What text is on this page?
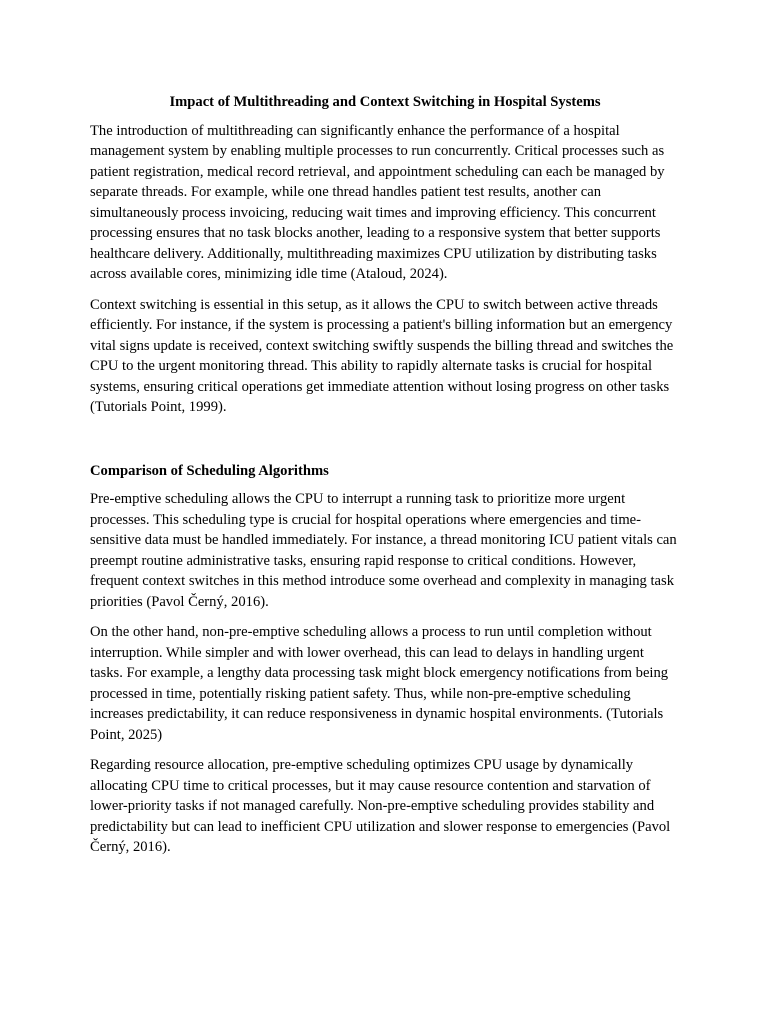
Impact of Multithreading and Context Switching in Hospital Systems

The introduction of multithreading can significantly enhance the performance of a hospital management system by enabling multiple processes to run concurrently. Critical processes such as patient registration, medical record retrieval, and appointment scheduling can each be managed by separate threads. For example, while one thread handles patient test results, another can simultaneously process invoicing, reducing wait times and improving efficiency. This concurrent processing ensures that no task blocks another, leading to a responsive system that better supports healthcare delivery. Additionally, multithreading maximizes CPU utilization by distributing tasks across available cores, minimizing idle time (Ataloud, 2024).

Context switching is essential in this setup, as it allows the CPU to switch between active threads efficiently. For instance, if the system is processing a patient's billing information but an emergency vital signs update is received, context switching swiftly suspends the billing thread and switches the CPU to the urgent monitoring thread. This ability to rapidly alternate tasks is crucial for hospital systems, ensuring critical operations get immediate attention without losing progress on other tasks (Tutorials Point, 1999).

Comparison of Scheduling Algorithms

Pre-emptive scheduling allows the CPU to interrupt a running task to prioritize more urgent processes. This scheduling type is crucial for hospital operations where emergencies and time-sensitive data must be handled immediately. For instance, a thread monitoring ICU patient vitals can preempt routine administrative tasks, ensuring rapid response to critical conditions. However, frequent context switches in this method introduce some overhead and complexity in managing task priorities (Pavol Černý, 2016).

On the other hand, non-pre-emptive scheduling allows a process to run until completion without interruption. While simpler and with lower overhead, this can lead to delays in handling urgent tasks. For example, a lengthy data processing task might block emergency notifications from being processed in time, potentially risking patient safety. Thus, while non-pre-emptive scheduling increases predictability, it can reduce responsiveness in dynamic hospital environments. (Tutorials Point, 2025)

Regarding resource allocation, pre-emptive scheduling optimizes CPU usage by dynamically allocating CPU time to critical processes, but it may cause resource contention and starvation of lower-priority tasks if not managed carefully. Non-pre-emptive scheduling provides stability and predictability but can lead to inefficient CPU utilization and slower response to emergencies (Pavol Černý, 2016).
